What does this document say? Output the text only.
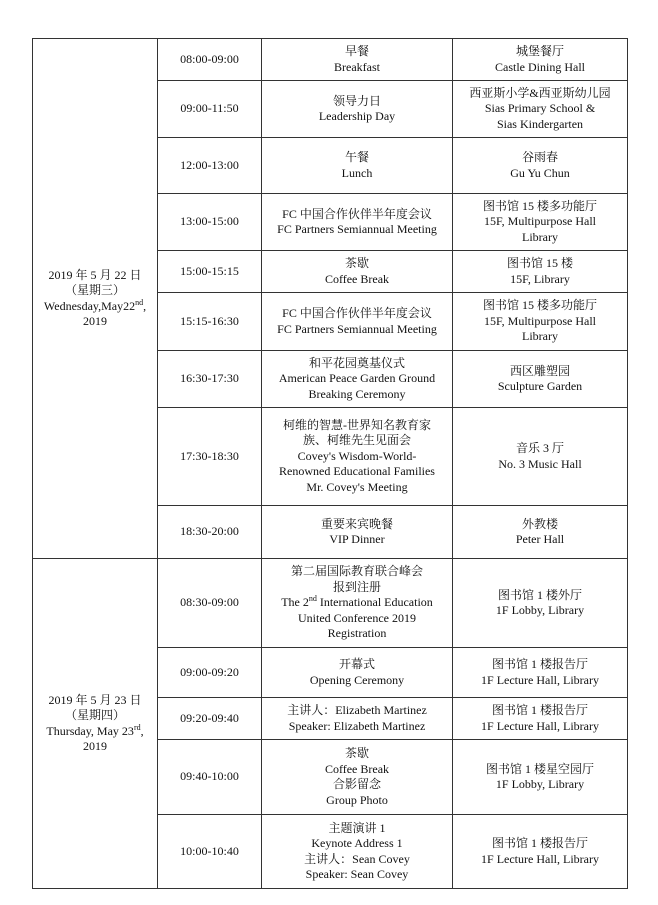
2019 年 5 月 22 日
（星期三）
Wednesday,May22nd,
2019	08:00-09:00	早餐
Breakfast	城堡餐厅
Castle Dining Hall

	09:00-11:50	领导力日
Leadership Day	西亚斯小学&西亚斯幼儿园
Sias Primary School &
Sias Kindergarten

	12:00-13:00	午餐
Lunch	谷雨春
Gu Yu Chun

	13:00-15:00	FC 中国合作伙伴半年度会议
FC Partners Semiannual Meeting	图书馆 15 楼多功能厅
15F, Multipurpose Hall
Library

	15:00-15:15	茶歇
Coffee Break	图书馆 15 楼
15F, Library

	15:15-16:30	FC 中国合作伙伴半年度会议
FC Partners Semiannual Meeting	图书馆 15 楼多功能厅
15F, Multipurpose Hall
Library

	16:30-17:30	和平花园奠基仪式
American Peace Garden Ground
Breaking Ceremony	西区雕塑园
Sculpture Garden

	17:30-18:30	柯维的智慧-世界知名教育家
族、柯维先生见面会
Covey's Wisdom-World-
Renowned Educational Families
Mr. Covey's Meeting	音乐 3 厅
No. 3 Music Hall

	18:30-20:00	重要来宾晚餐
VIP Dinner	外教楼
Peter Hall

2019 年 5 月 23 日
（星期四）
Thursday, May 23rd,
2019	08:30-09:00	第二届国际教育联合峰会
报到注册
The 2nd International Education
United Conference 2019
Registration	图书馆 1 楼外厅
1F Lobby, Library

	09:00-09:20	开幕式
Opening Ceremony	图书馆 1 楼报告厅
1F Lecture Hall, Library

	09:20-09:40	主讲人：Elizabeth Martinez
Speaker: Elizabeth Martinez	图书馆 1 楼报告厅
1F Lecture Hall, Library

	09:40-10:00	茶歇
Coffee Break
合影留念
Group Photo	图书馆 1 楼星空园厅
1F Lobby, Library

	10:00-10:40	主题演讲 1
Keynote Address 1
主讲人：Sean Covey
Speaker: Sean Covey	图书馆 1 楼报告厅
1F Lecture Hall, Library
